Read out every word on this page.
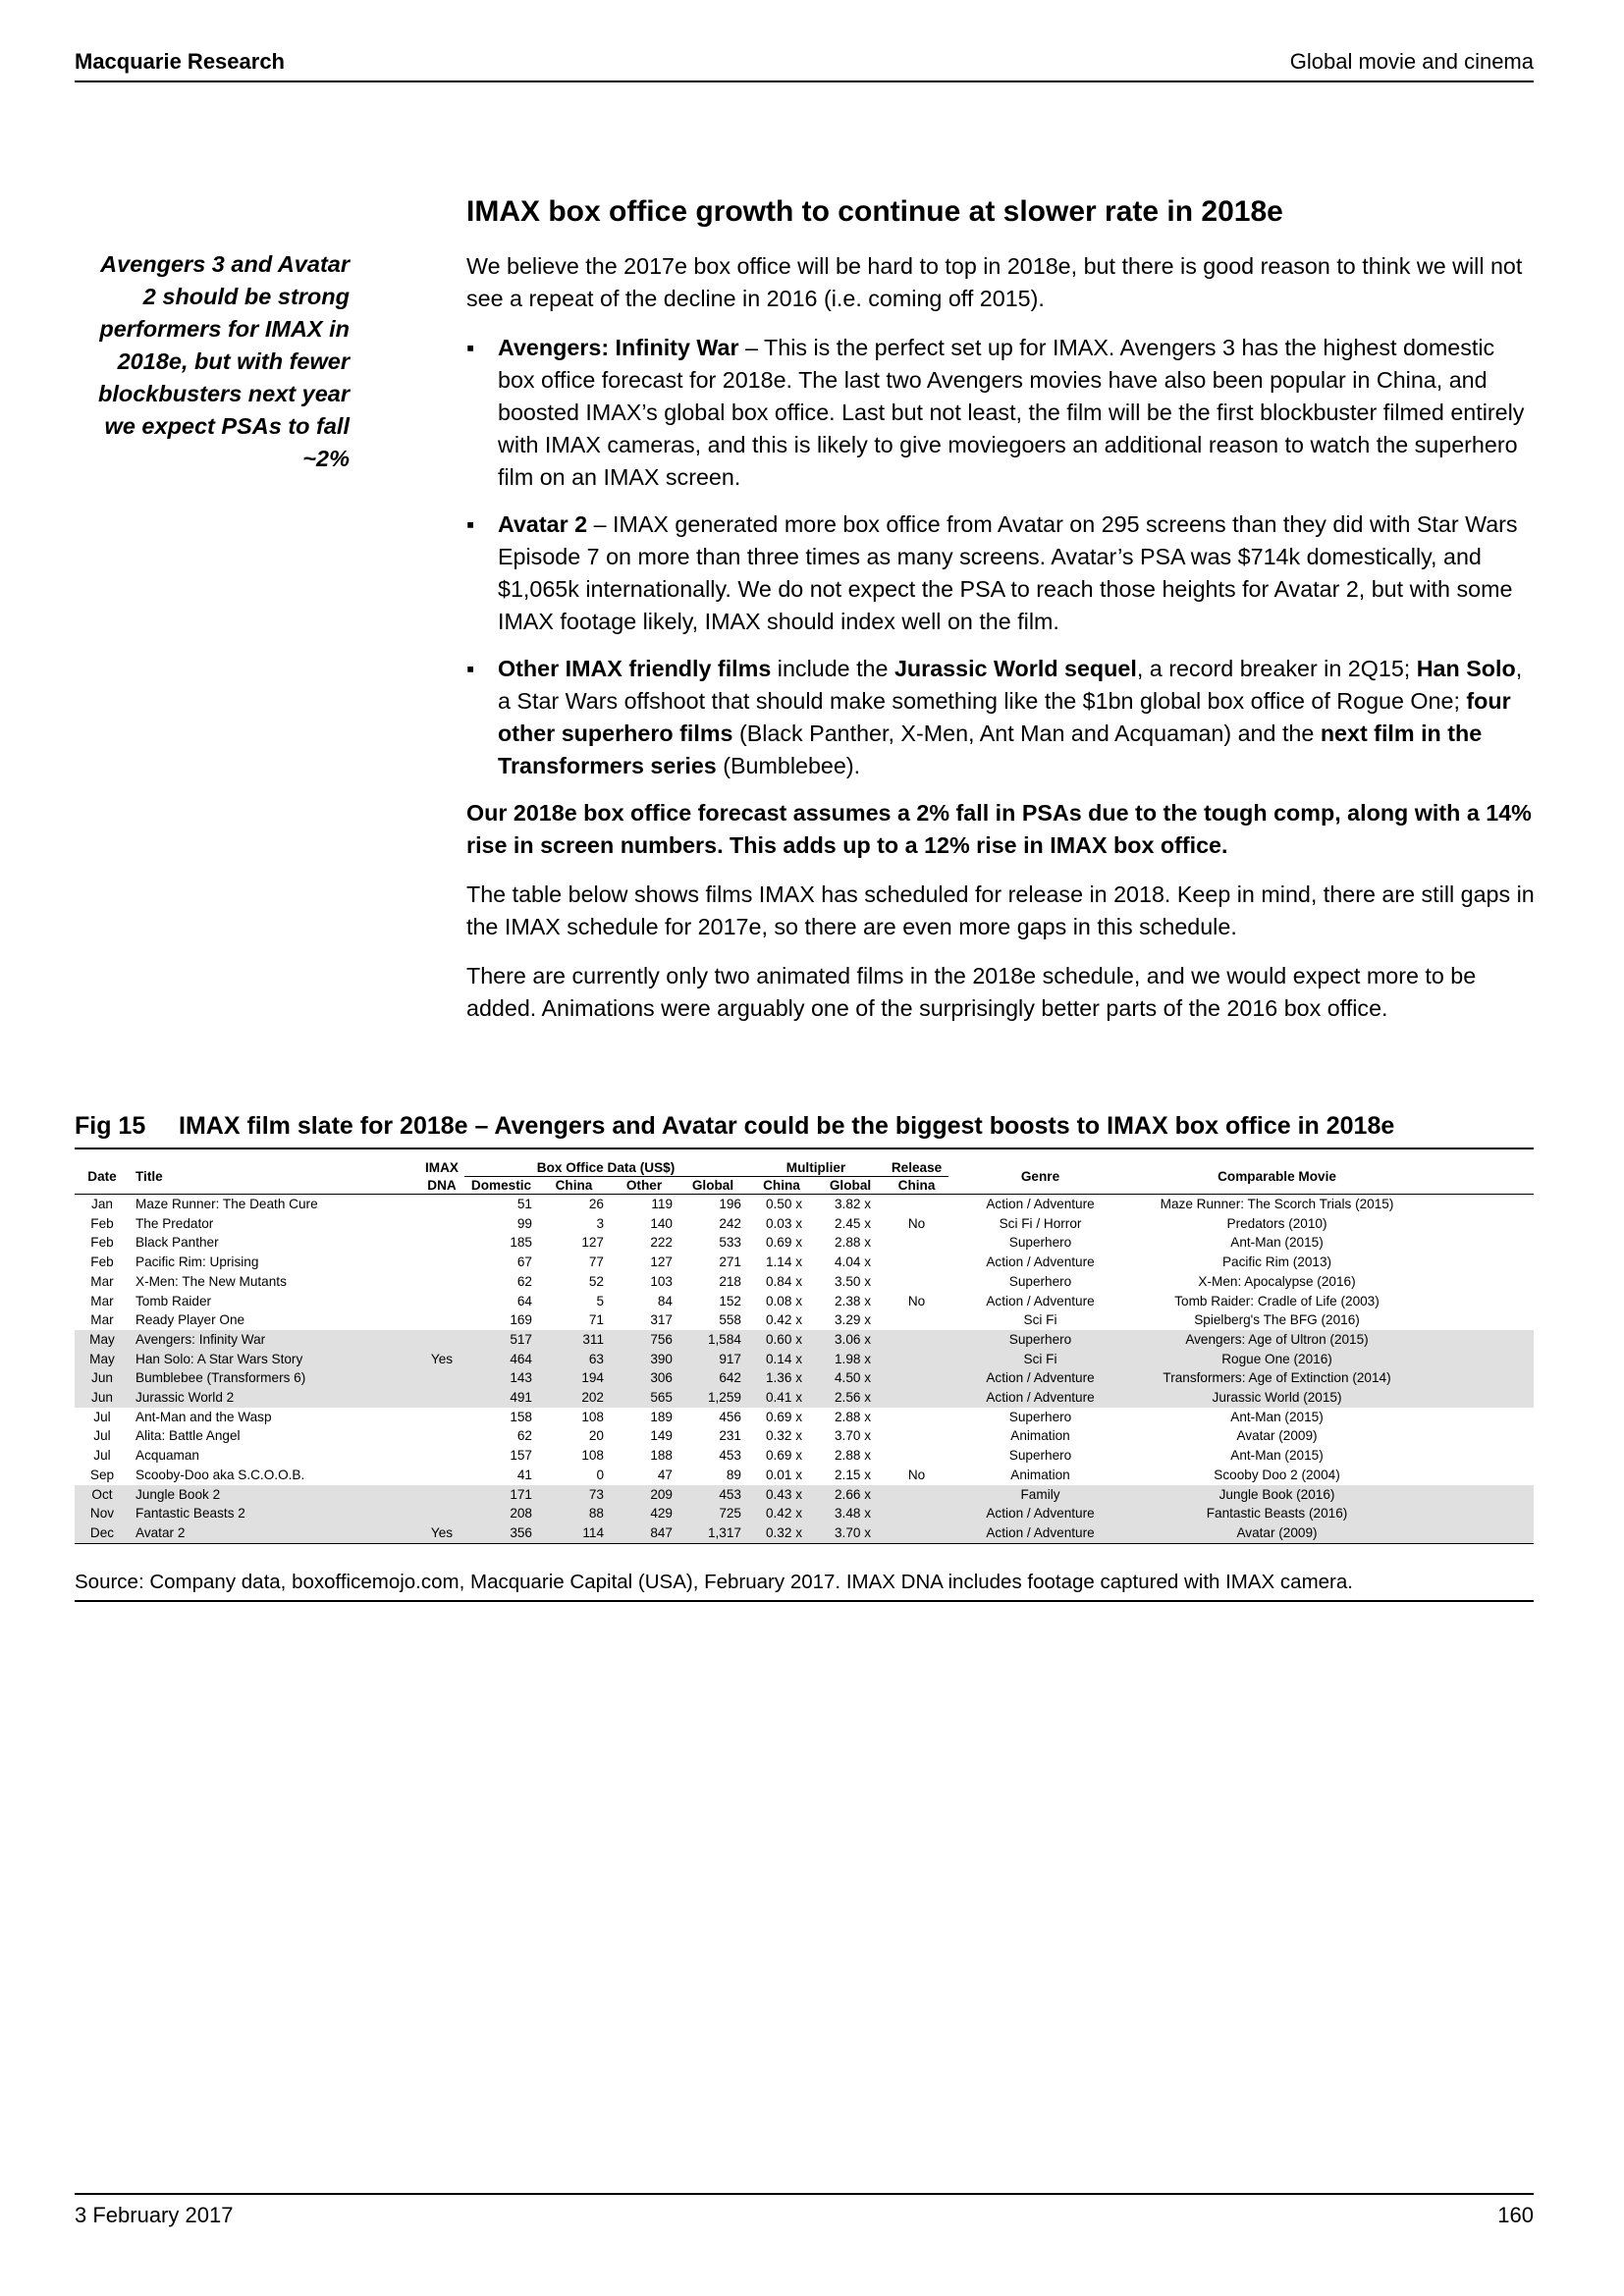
Macquarie Research	Global movie and cinema
Avengers 3 and Avatar 2 should be strong performers for IMAX in 2018e, but with fewer blockbusters next year we expect PSAs to fall ~2%
IMAX box office growth to continue at slower rate in 2018e

We believe the 2017e box office will be hard to top in 2018e, but there is good reason to think we will not see a repeat of the decline in 2016 (i.e. coming off 2015).

▪ Avengers: Infinity War – This is the perfect set up for IMAX. Avengers 3 has the highest domestic box office forecast for 2018e. The last two Avengers movies have also been popular in China, and boosted IMAX’s global box office. Last but not least, the film will be the first blockbuster filmed entirely with IMAX cameras, and this is likely to give moviegoers an additional reason to watch the superhero film on an IMAX screen.
▪ Avatar 2 – IMAX generated more box office from Avatar on 295 screens than they did with Star Wars Episode 7 on more than three times as many screens. Avatar’s PSA was $714k domestically, and $1,065k internationally. We do not expect the PSA to reach those heights for Avatar 2, but with some IMAX footage likely, IMAX should index well on the film.
▪ Other IMAX friendly films include the Jurassic World sequel, a record breaker in 2Q15; Han Solo, a Star Wars offshoot that should make something like the $1bn global box office of Rogue One; four other superhero films (Black Panther, X-Men, Ant Man and Acquaman) and the next film in the Transformers series (Bumblebee).

Our 2018e box office forecast assumes a 2% fall in PSAs due to the tough comp, along with a 14% rise in screen numbers. This adds up to a 12% rise in IMAX box office.

The table below shows films IMAX has scheduled for release in 2018. Keep in mind, there are still gaps in the IMAX schedule for 2017e, so there are even more gaps in this schedule.

There are currently only two animated films in the 2018e schedule, and we would expect more to be added. Animations were arguably one of the surprisingly better parts of the 2016 box office.

Fig 15 IMAX film slate for 2018e – Avengers and Avatar could be the biggest boosts to IMAX box office in 2018e
Date	Title	IMAX	Box Office Data (US$)				Multiplier		Release	Genre	Comparable Movie	
		DNA	Domestic	China	Other	Global	China	Global	China			
Jan	Maze Runner: The Death Cure		51	26	119	196	0.50 x	3.82 x		Action / Adventure	Maze Runner: The Scorch Trials (2015)	
Feb	The Predator		99	3	140	242	0.03 x	2.45 x	No	Sci Fi / Horror	Predators (2010)	
Feb	Black Panther		185	127	222	533	0.69 x	2.88 x		Superhero	Ant-Man (2015)	
Feb	Pacific Rim: Uprising		67	77	127	271	1.14 x	4.04 x		Action / Adventure	Pacific Rim (2013)	
Mar	X-Men: The New Mutants		62	52	103	218	0.84 x	3.50 x		Superhero	X-Men: Apocalypse (2016)	
Mar	Tomb Raider		64	5	84	152	0.08 x	2.38 x	No	Action / Adventure	Tomb Raider: Cradle of Life (2003)	
Mar	Ready Player One		169	71	317	558	0.42 x	3.29 x		Sci Fi	Spielberg's The BFG (2016)	
May	Avengers: Infinity War		517	311	756	1,584	0.60 x	3.06 x		Superhero	Avengers: Age of Ultron (2015)	
May	Han Solo: A Star Wars Story	Yes	464	63	390	917	0.14 x	1.98 x		Sci Fi	Rogue One (2016)	
Jun	Bumblebee (Transformers 6)		143	194	306	642	1.36 x	4.50 x		Action / Adventure	Transformers: Age of Extinction (2014)	
Jun	Jurassic World 2		491	202	565	1,259	0.41 x	2.56 x		Action / Adventure	Jurassic World (2015)	
Jul	Ant-Man and the Wasp		158	108	189	456	0.69 x	2.88 x		Superhero	Ant-Man (2015)	
Jul	Alita: Battle Angel		62	20	149	231	0.32 x	3.70 x		Animation	Avatar (2009)	
Jul	Acquaman		157	108	188	453	0.69 x	2.88 x		Superhero	Ant-Man (2015)	
Sep	Scooby-Doo aka S.C.O.O.B.		41	0	47	89	0.01 x	2.15 x	No	Animation	Scooby Doo 2 (2004)	
Oct	Jungle Book 2		171	73	209	453	0.43 x	2.66 x		Family	Jungle Book (2016)	
Nov	Fantastic Beasts 2		208	88	429	725	0.42 x	3.48 x		Action / Adventure	Fantastic Beasts (2016)	
Dec	Avatar 2	Yes	356	114	847	1,317	0.32 x	3.70 x		Action / Adventure	Avatar (2009)	
Source: Company data, boxofficemojo.com, Macquarie Capital (USA), February 2017. IMAX DNA includes footage captured with IMAX camera.
3 February 2017	160
